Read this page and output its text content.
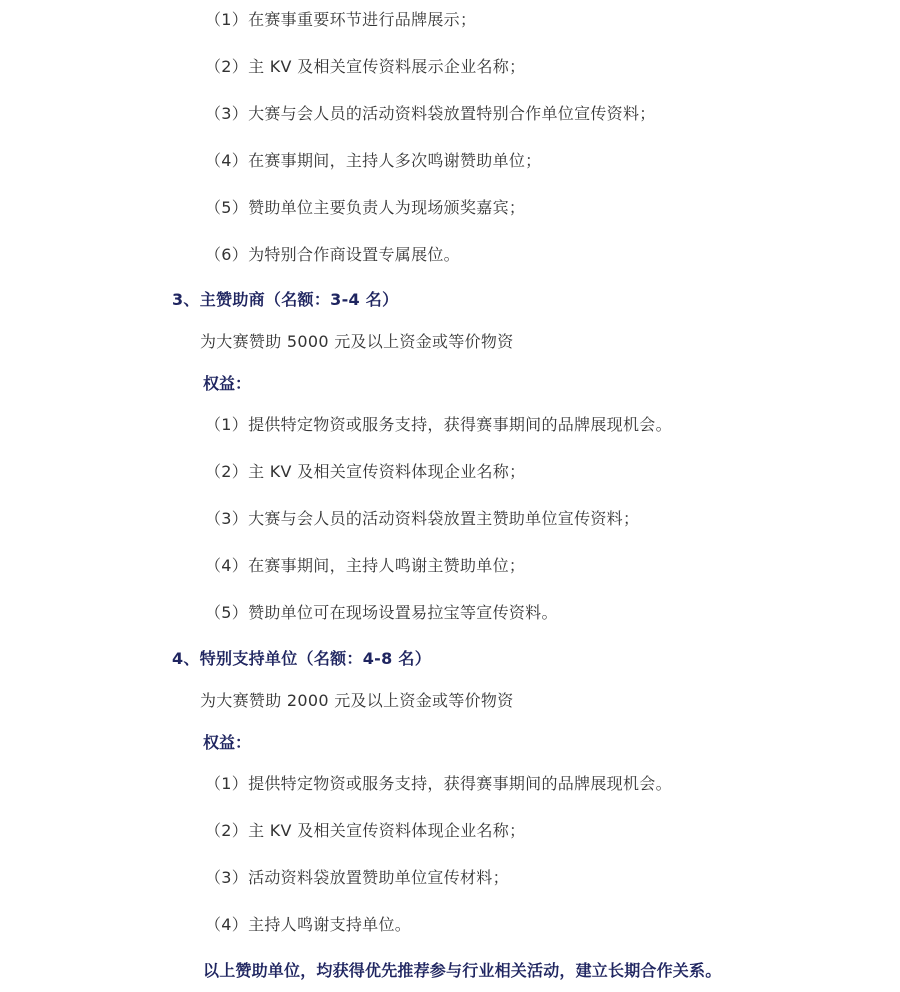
（1）在赛事重要环节进行品牌展示；
（2）主 KV 及相关宣传资料展示企业名称；
（3）大赛与会人员的活动资料袋放置特别合作单位宣传资料；
（4）在赛事期间，主持人多次鸣谢赞助单位；
（5）赞助单位主要负责人为现场颁奖嘉宾；
（6）为特别合作商设置专属展位。
3、主赞助商（名额：3-4 名）
为大赛赞助 5000 元及以上资金或等价物资
权益：
（1）提供特定物资或服务支持，获得赛事期间的品牌展现机会。
（2）主 KV 及相关宣传资料体现企业名称；
（3）大赛与会人员的活动资料袋放置主赞助单位宣传资料；
（4）在赛事期间，主持人鸣谢主赞助单位；
（5）赞助单位可在现场设置易拉宝等宣传资料。
4、特别支持单位（名额：4-8 名）
为大赛赞助 2000 元及以上资金或等价物资
权益：
（1）提供特定物资或服务支持，获得赛事期间的品牌展现机会。
（2）主 KV 及相关宣传资料体现企业名称；
（3）活动资料袋放置赞助单位宣传材料；
（4）主持人鸣谢支持单位。
以上赞助单位，均获得优先推荐参与行业相关活动，建立长期合作关系。
